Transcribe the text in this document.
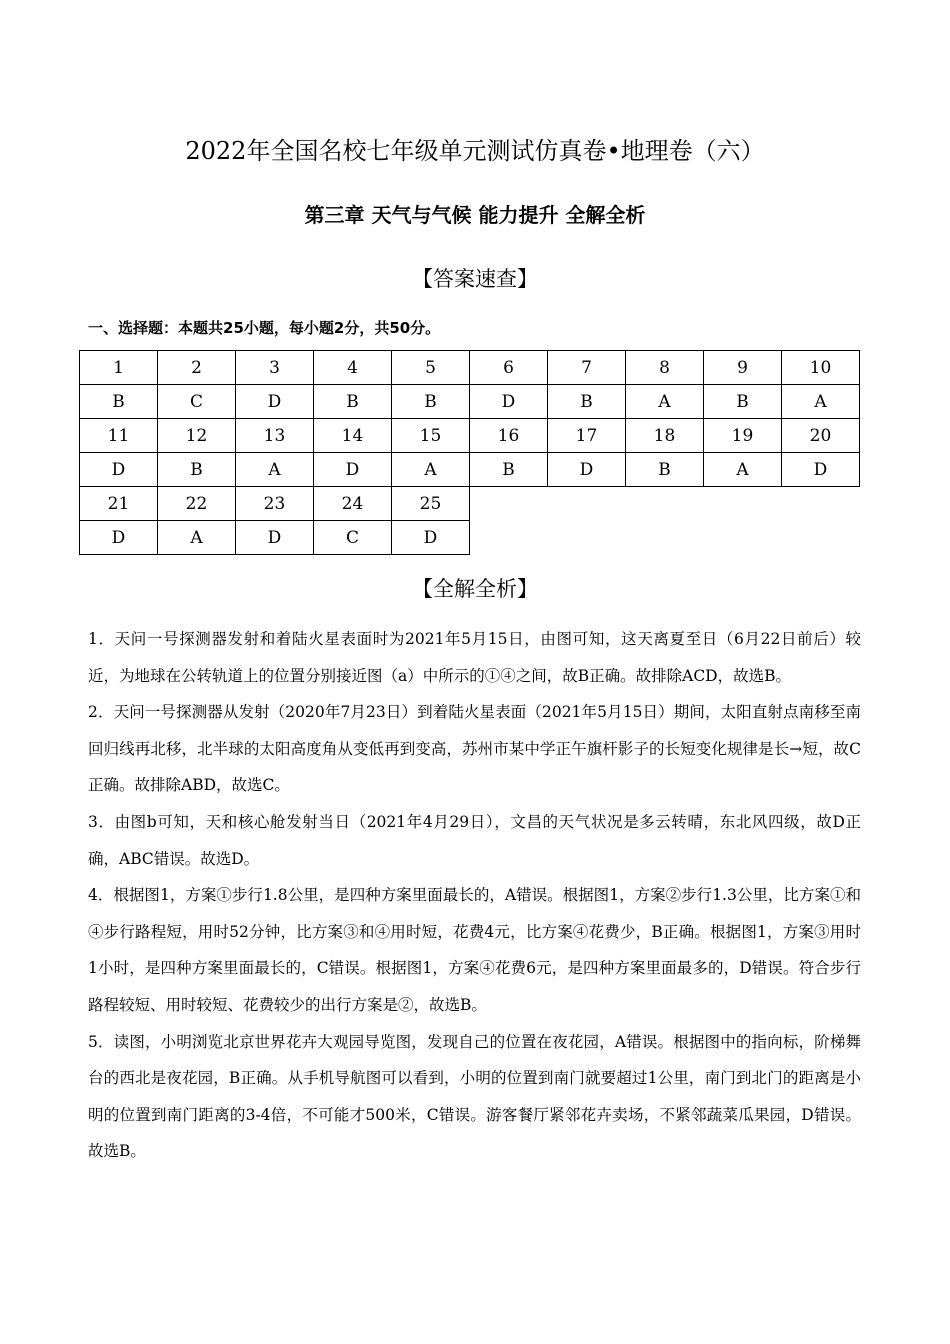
2022年全国名校七年级单元测试仿真卷•地理卷（六）
第三章 天气与气候 能力提升 全解全析
【答案速查】
一、选择题：本题共25小题，每小题2分，共50分。
1	2	3	4	5	6	7	8	9	10
B	C	D	B	B	D	B	A	B	A
11	12	13	14	15	16	17	18	19	20
D	B	A	D	A	B	D	B	A	D
21	22	23	24	25					
D	A	D	C	D					
【全解全析】

1．天问一号探测器发射和着陆火星表面时为2021年5月15日，由图可知，这天离夏至日（6月22日前后）较近，为地球在公转轨道上的位置分别接近图（a）中所示的①④之间，故B正确。故排除ACD，故选B。

2．天问一号探测器从发射（2020年7月23日）到着陆火星表面（2021年5月15日）期间，太阳直射点南移至南回归线再北移，北半球的太阳高度角从变低再到变高，苏州市某中学正午旗杆影子的长短变化规律是长→短，故C正确。故排除ABD，故选C。

3．由图b可知，天和核心舱发射当日（2021年4月29日），文昌的天气状况是多云转晴，东北风四级，故D正确，ABC错误。故选D。

4．根据图1，方案①步行1.8公里，是四种方案里面最长的，A错误。根据图1，方案②步行1.3公里，比方案①和④步行路程短，用时52分钟，比方案③和④用时短，花费4元，比方案④花费少，B正确。根据图1，方案③用时1小时，是四种方案里面最长的，C错误。根据图1，方案④花费6元，是四种方案里面最多的，D错误。符合步行路程较短、用时较短、花费较少的出行方案是②，故选B。

5．读图，小明浏览北京世界花卉大观园导览图，发现自己的位置在夜花园，A错误。根据图中的指向标，阶梯舞台的西北是夜花园，B正确。从手机导航图可以看到，小明的位置到南门就要超过1公里，南门到北门的距离是小明的位置到南门距离的3-4倍，不可能才500米，C错误。游客餐厅紧邻花卉卖场，不紧邻蔬菜瓜果园，D错误。故选B。
